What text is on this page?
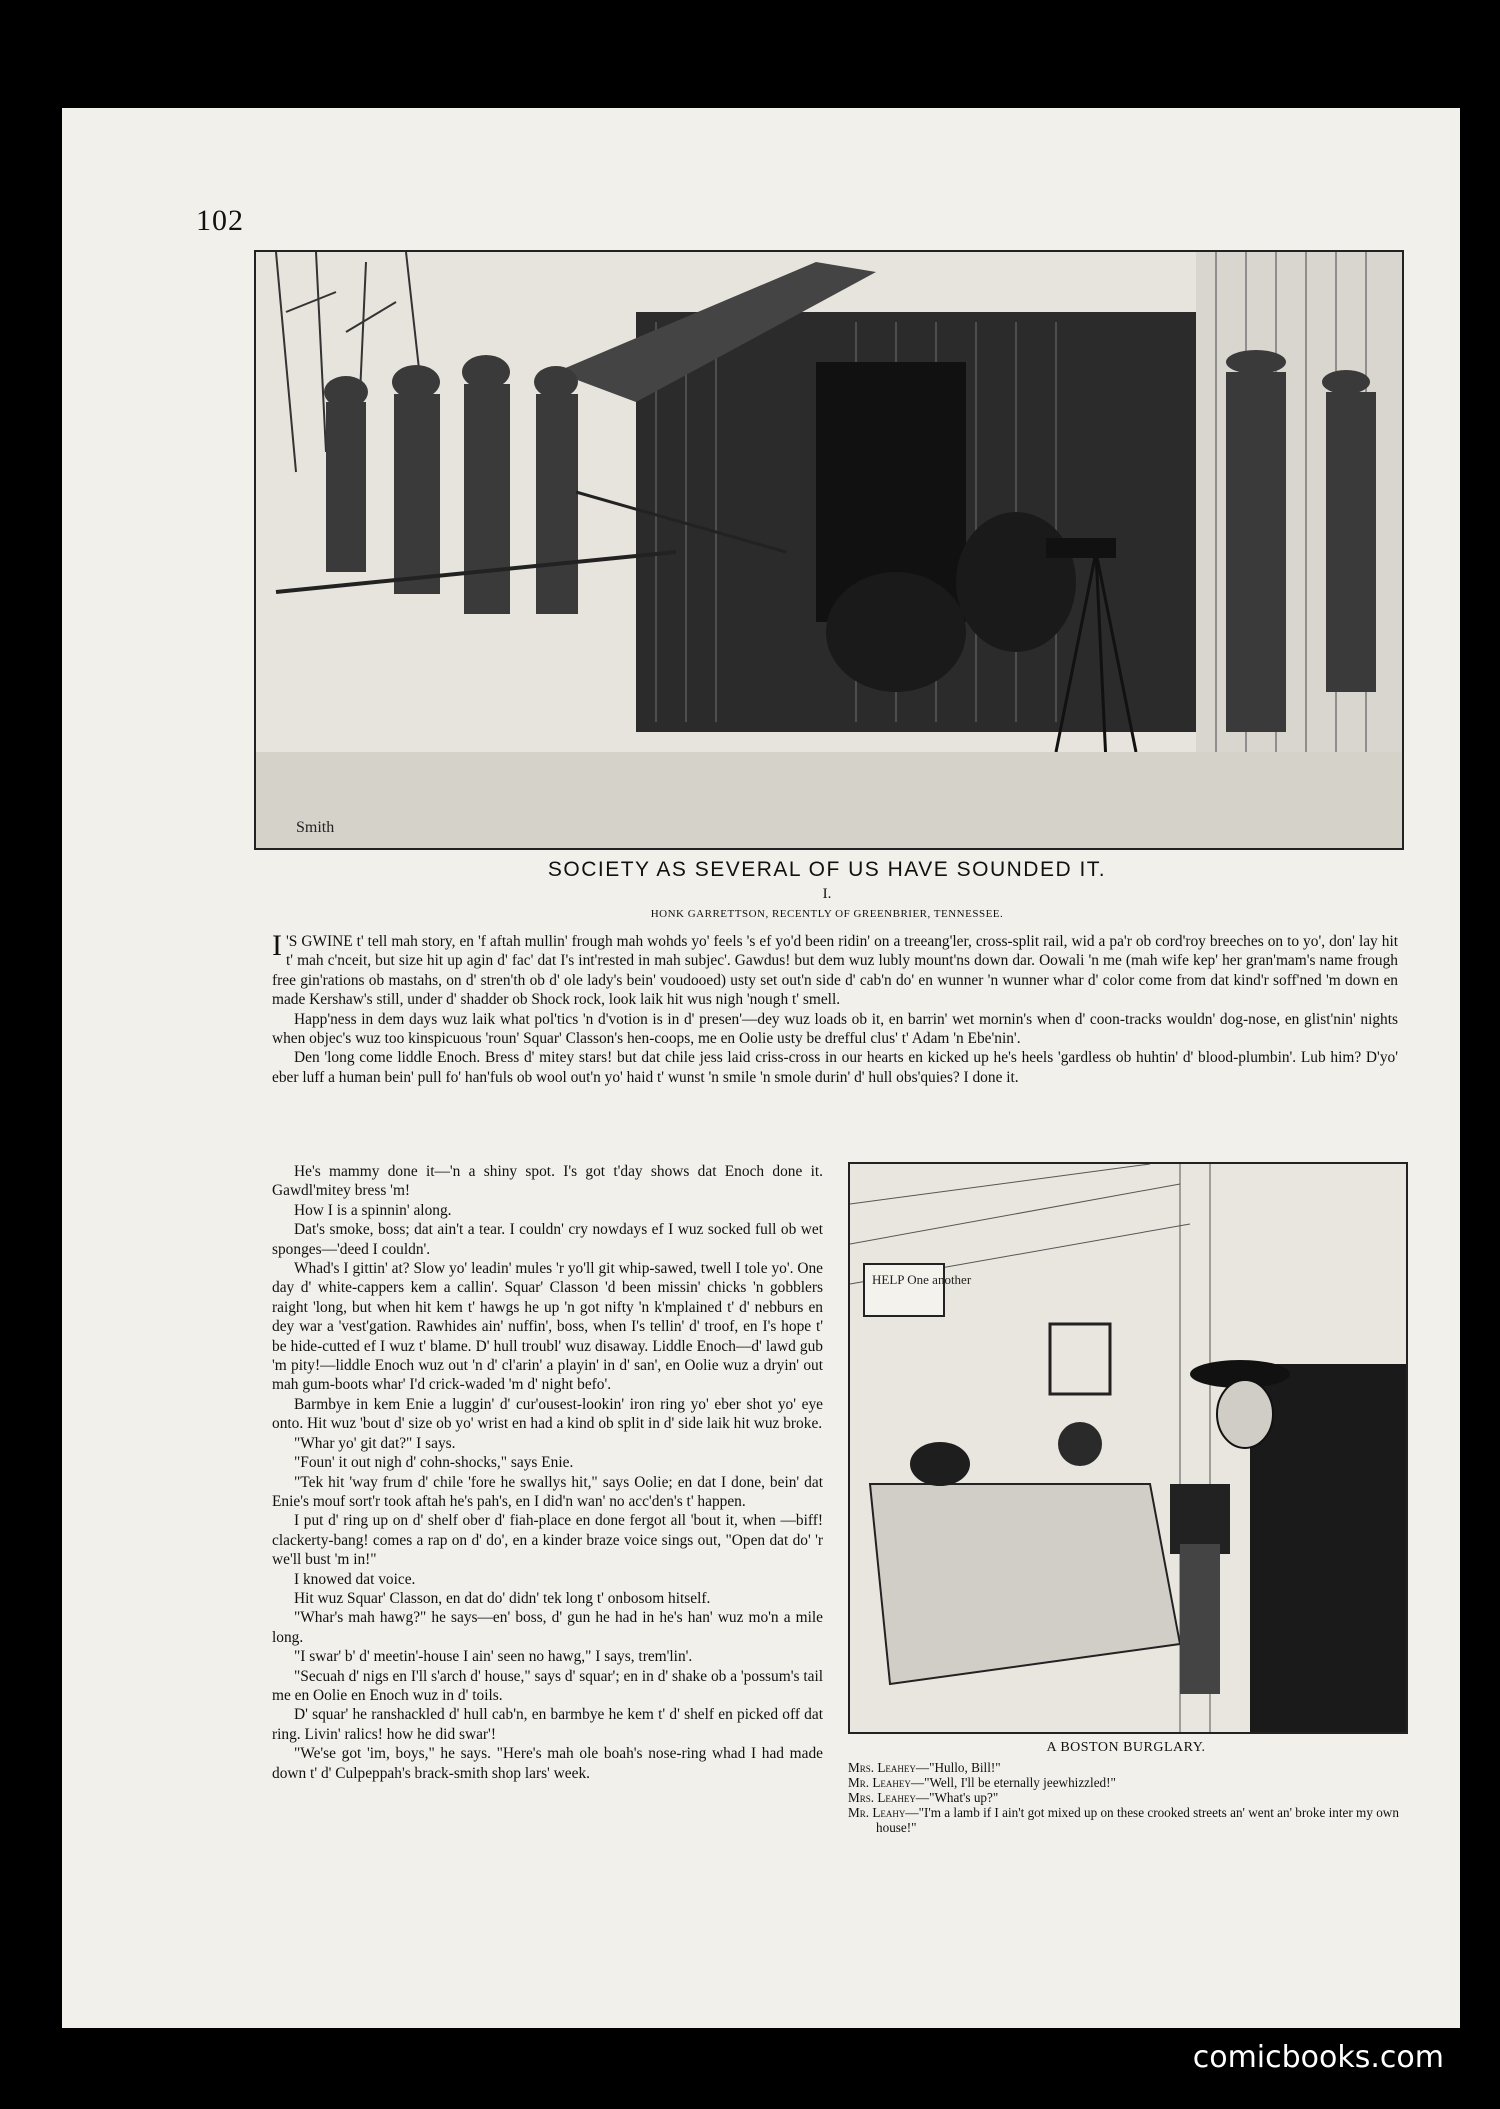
102
Smith
SOCIETY AS SEVERAL OF US HAVE SOUNDED IT.
I.
HONK GARRETTSON, RECENTLY OF GREENBRIER, TENNESSEE.

I 'S GWINE t' tell mah story, en 'f aftah mullin' frough mah wohds yo' feels 's ef yo'd been ridin' on a treeang'ler, cross-split rail, wid a pa'r ob cord'roy breeches on to yo', don' lay hit t' mah c'nceit, but size hit up agin d' fac' dat I's int'rested in mah subjec'. Gawdus! but dem wuz lubly mount'ns down dar. Oowali 'n me (mah wife kep' her gran'mam's name frough free gin'rations ob mastahs, on d' stren'th ob d' ole lady's bein' voudooed) usty set out'n side d' cab'n do' en wunner 'n wunner whar d' color come from dat kind'r soff'ned 'm down en made Kershaw's still, under d' shadder ob Shock rock, look laik hit wus nigh 'nough t' smell.

Happ'ness in dem days wuz laik what pol'tics 'n d'votion is in d' presen'—dey wuz loads ob it, en barrin' wet mornin's when d' coon-tracks wouldn' dog-nose, en glist'nin' nights when objec's wuz too kinspicuous 'roun' Squar' Classon's hen-coops, me en Oolie usty be drefful clus' t' Adam 'n Ebe'nin'.

Den 'long come liddle Enoch. Bress d' mitey stars! but dat chile jess laid criss-cross in our hearts en kicked up he's heels 'gardless ob huhtin' d' blood-plumbin'. Lub him? D'yo' eber luff a human bein' pull fo' han'fuls ob wool out'n yo' haid t' wunst 'n smile 'n smole durin' d' hull obs'quies? I done it.

He's mammy done it—'n a shiny spot. I's got t'day shows dat Enoch done it. Gawdl'mitey bress 'm!

How I is a spinnin' along.

Dat's smoke, boss; dat ain't a tear. I couldn' cry nowdays ef I wuz socked full ob wet sponges—'deed I couldn'.

Whad's I gittin' at? Slow yo' leadin' mules 'r yo'll git whip-sawed, twell I tole yo'. One day d' white-cappers kem a callin'. Squar' Classon 'd been missin' chicks 'n gobblers raight 'long, but when hit kem t' hawgs he up 'n got nifty 'n k'mplained t' d' nebburs en dey war a 'vest'gation. Rawhides ain' nuffin', boss, when I's tellin' d' troof, en I's hope t' be hide-cutted ef I wuz t' blame. D' hull troubl' wuz disaway. Liddle Enoch—d' lawd gub 'm pity!—liddle Enoch wuz out 'n d' cl'arin' a playin' in d' san', en Oolie wuz a dryin' out mah gum-boots whar' I'd crick-waded 'm d' night befo'.

Barmbye in kem Enie a luggin' d' cur'ousest-lookin' iron ring yo' eber shot yo' eye onto. Hit wuz 'bout d' size ob yo' wrist en had a kind ob split in d' side laik hit wuz broke.

"Whar yo' git dat?" I says.

"Foun' it out nigh d' cohn-shocks," says Enie.

"Tek hit 'way frum d' chile 'fore he swallys hit," says Oolie; en dat I done, bein' dat Enie's mouf sort'r took aftah he's pah's, en I did'n wan' no acc'den's t' happen.

I put d' ring up on d' shelf ober d' fiah-place en done fergot all 'bout it, when —biff! clackerty-bang! comes a rap on d' do', en a kinder braze voice sings out, "Open dat do' 'r we'll bust 'm in!"

I knowed dat voice.

Hit wuz Squar' Classon, en dat do' didn' tek long t' onbosom hitself.

"Whar's mah hawg?" he says—en' boss, d' gun he had in he's han' wuz mo'n a mile long.

"I swar' b' d' meetin'-house I ain' seen no hawg," I says, trem'lin'.

"Secuah d' nigs en I'll s'arch d' house," says d' squar'; en in d' shake ob a 'possum's tail me en Oolie en Enoch wuz in d' toils.

D' squar' he ranshackled d' hull cab'n, en barmbye he kem t' d' shelf en picked off dat ring. Livin' ralics! how he did swar'!

"We'se got 'im, boys," he says. "Here's mah ole boah's nose-ring whad I had made down t' d' Culpeppah's brack-smith shop lars' week.

HELP One another
A BOSTON BURGLARY.
Mrs. Leahey—"Hullo, Bill!"
Mr. Leahey—"Well, I'll be eternally jeewhizzled!"
Mrs. Leahey—"What's up?"
Mr. Leahy—"I'm a lamb if I ain't got mixed up on these crooked streets an' went an' broke inter my own house!"
comicbooks.com
